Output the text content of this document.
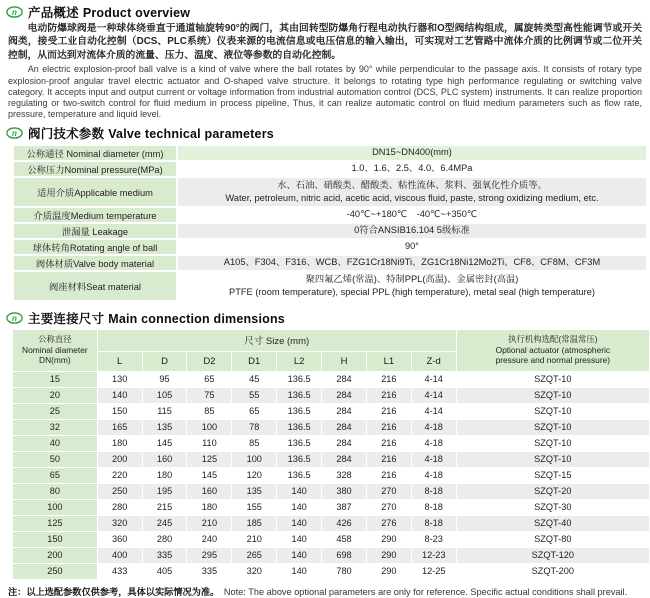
n 产品概述 Product overview
电动防爆球阀是一种球体绕垂直于通道轴旋转90°的阀门，其由回转型防爆角行程电动执行器和O型阀结构组成，属旋转类型高性能调节或开关阀类，接受工业自动化控制（DCS、PLC系统）仪表来源的电流信息或电压信息的输入输出，可实现对工艺管路中流体介质的比例调节或二位开关控制，从而达到对流体介质的流量、压力、温度、液位等参数的自动化控制。
An electric explosion-proof ball valve is a kind of valve where the ball rotates by 90° while perpendicular to the passage axis. It consists of rotary type explosion-proof angular travel electric actuator and O-shaped valve structure. It belongs to rotating type high performance regulating or switching valve category. It accepts input and output current or voltage information from industrial automation control (DCS, PLC system) instruments. It can realize proportion regulating or two-switch control for fluid medium in process pipeline, Thus, it can realize automatic control on fluid medium parameters such as flow rate, pressure, temperature and liquid level.
n 阀门技术参数 Valve technical parameters
公称通径 Nominal diameter (mm)	DN15~DN400(mm)

公称压力Nominal pressure(MPa)	1.0、1.6、2.5、4.0、6.4MPa

适用介质Applicable medium	水、石油、硝酸类、醋酸类、粘性流体、浆料、强氧化性介质等。
Water, petroleum, nitric acid, acetic acid, viscous fluid, paste, strong oxidizing medium, etc.

介质温度Medium temperature	-40℃~+180℃　-40℃~+350℃

泄漏量 Leakage	0符合ANSIB16.104 5级标准

球体转角Rotating angle of ball	90°

阀体材质Valve body material	A105、F304、F316、WCB、FZG1Cr18Ni9Ti、ZG1Cr18Ni12Mo2Ti、CF8、CF8M、CF3M

阀座材料Seat material	聚四氟乙烯(常温)、特制PPL(高温)、金属密封(高温)
PTFE (room temperature), special PPL (high temperature), metal seal (high temperature)
n 主要连接尺寸 Main connection dimensions
公称直径
Nominal diameter
DN(mm)
	尺寸 Size (mm)	执行机构选配(常温常压)
Optional actuator (atmospheric
pressure and normal pressure)

	L	D	D2	D1	L2	H	L1	Z-d	
15	130	95	65	45	136.5	284	216	4-14	SZQT-10
20	140	105	75	55	136.5	284	216	4-14	SZQT-10
25	150	115	85	65	136.5	284	216	4-14	SZQT-10
32	165	135	100	78	136.5	284	216	4-18	SZQT-10
40	180	145	110	85	136.5	284	216	4-18	SZQT-10
50	200	160	125	100	136.5	284	216	4-18	SZQT-10
65	220	180	145	120	136.5	328	216	4-18	SZQT-15
80	250	195	160	135	140	380	270	8-18	SZQT-20
100	280	215	180	155	140	387	270	8-18	SZQT-30
125	320	245	210	185	140	426	276	8-18	SZQT-40
150	360	280	240	210	140	458	290	8-23	SZQT-80
200	400	335	295	265	140	698	290	12-23	SZQT-120
250	433	405	335	320	140	780	290	12-25	SZQT-200
注：以上选配参数仅供参考，具体以实际情况为准。 Note: The above optional parameters are only for reference. Specific actual conditions shall prevail.
